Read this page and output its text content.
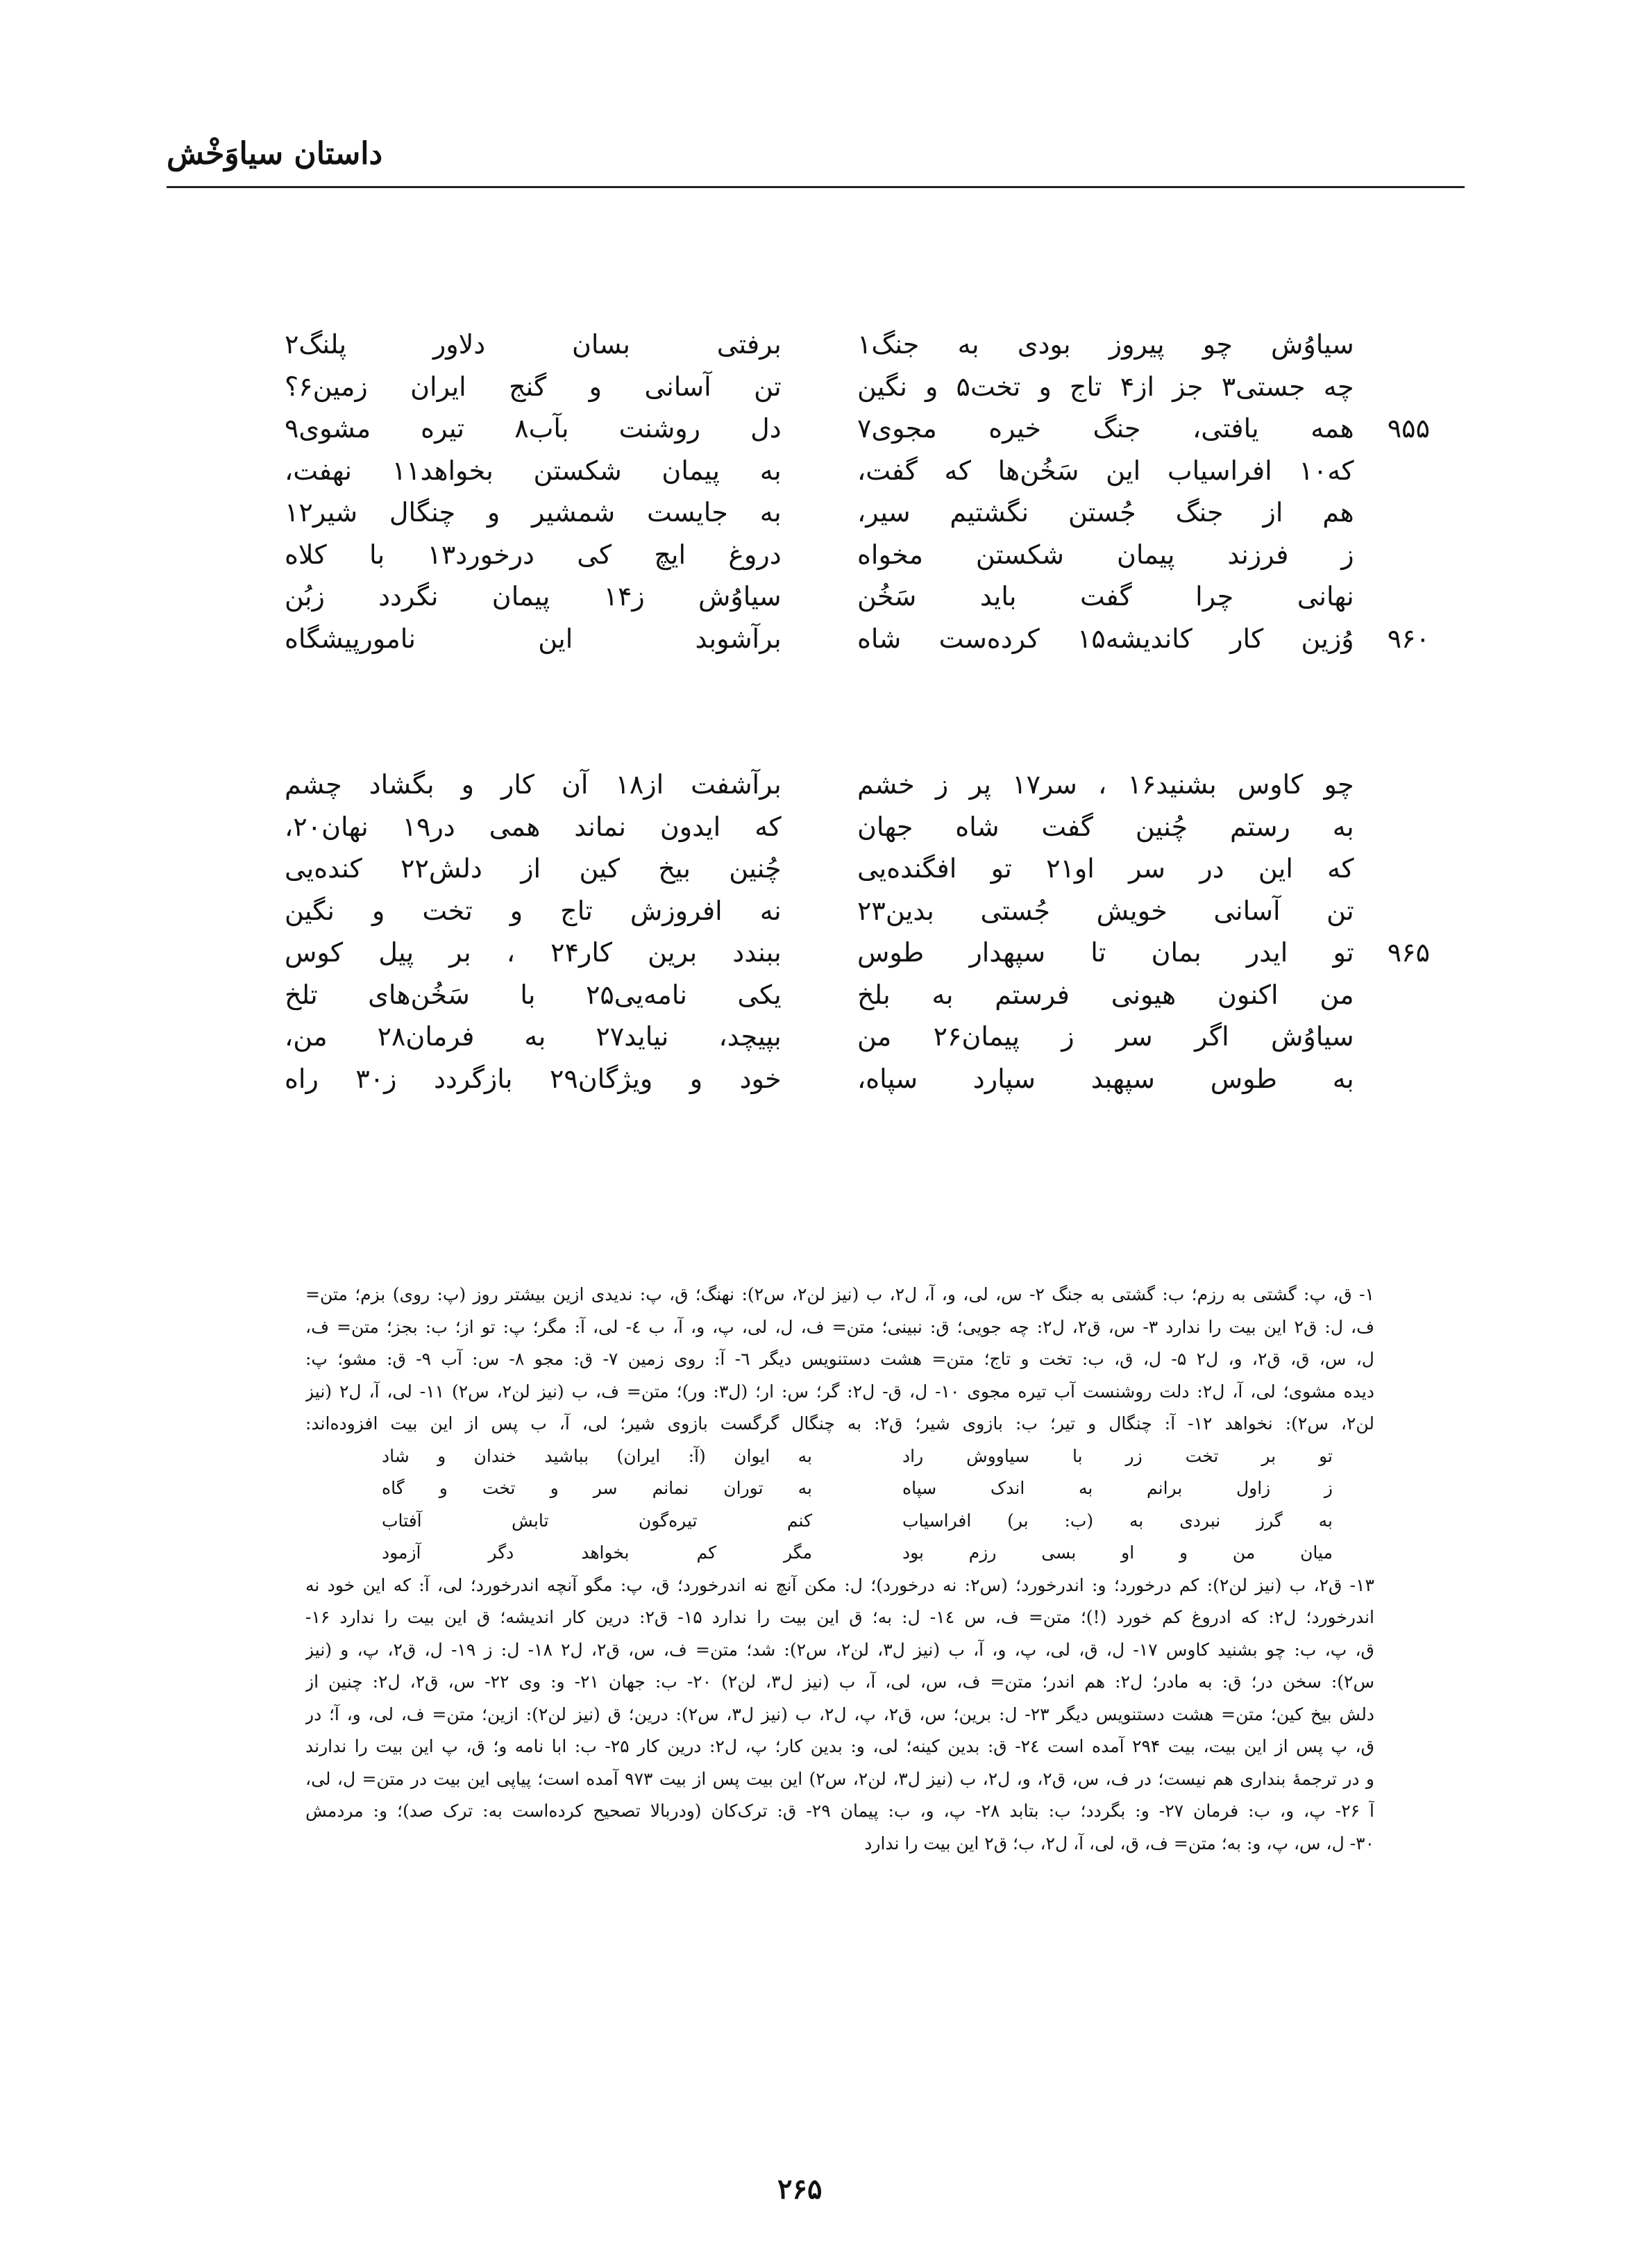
داستان سیاوَخْش
سیاوُش چو پیروز بودی به جنگ۱
برفتی بسان دلاور پلنگ۲
چه جستی۳ جز از۴ تاج و تخت۵ و نگین
تن آسانی و گنج ایران زمین۶؟
۹۵۵
همه یافتی، جنگ خیره مجوی۷
دل روشنت بآب۸ تیره مشوی۹
که۱۰ افراسیاب این سَخُن‌ها که گفت،
به پیمان شکستن بخواهد۱۱ نهفت،
هم از جنگ جُستن نگشتیم سیر،
به جایست شمشیر و چنگال شیر۱۲
ز فرزند پیمان شکستن مخواه
دروغ ایچ کی درخورد۱۳ با کلاه
نهانی چرا گفت باید سَخُن
سیاوُش ز۱۴ پیمان نگردد زبُن
۹۶۰
وُزین کار کاندیشه۱۵ کرده‌ست شاه
برآشوبد این نامورپیشگاه
چو کاوس بشنید۱۶ ، سر۱۷ پر ز خشم
برآشفت از۱۸ آن کار و بگشاد چشم
به رستم چُنین گفت شاه جهان
که ایدون نماند همی در۱۹ نهان۲۰،
که این در سر او۲۱ تو افگنده‌یی
چُنین بیخ کین از دلش۲۲ کنده‌یی
تن آسانی خویش جُستی بدین۲۳
نه افروزش تاج و تخت و نگین
۹۶۵
تو ایدر بمان تا سپهدار طوس
ببندد برین کار۲۴ ، بر پیل کوس
من اکنون هیونی فرستم به بلخ
یکی نامه‌یی۲۵ با سَخُن‌های تلخ
سیاوُش اگر سر ز پیمان۲۶ من
بپیچد، نیاید۲۷ به فرمان۲۸ من،
به طوس سپهبد سپارد سپاه،
خود و ویژگان۲۹ بازگردد ز۳۰ راه
۱- ق، پ: گشتی به رزم؛ ب: گشتی به جنگ ۲- س، لی، و، آ، ل۲، ب (نیز لن۲، س۲): نهنگ؛ ق، پ: ندیدی ازین بیشتر روز (پ: روی) بزم؛ متن=
ف، ل: ق۲ این بیت را ندارد ۳- س، ق۲، ل۲: چه جویی؛ ق: نبینی؛ متن= ف، ل، لی، پ، و، آ، ب ٤- لی، آ: مگر؛ پ: تو از؛ ب: بجز؛ متن= ف،
ل، س، ق، ق۲، و، ل۲ ۵- ل، ق، ب: تخت و تاج؛ متن= هشت دستنویس دیگر ٦- آ: روی زمین ۷- ق: مجو ۸- س: آب ۹- ق: مشو؛ پ:
دیده مشوی؛ لی، آ، ل۲: دلت روشنست آب تیره مجوی ۱۰- ل، ق- ل۲: گر؛ س: ار؛ (ل۳: ور)؛ متن= ف، ب (نیز لن۲، س۲) ۱۱- لی، آ، ل۲ (نیز
لن۲، س۲): نخواهد ۱۲- آ: چنگال و تیر؛ ب: بازوی شیر؛ ق۲: به چنگال گرگست بازوی شیر؛ لی، آ، ب پس از این بیت افزوده‌اند:
تو بر تخت زر با سیاووش راد
به ایوان (آ: ایران) بباشید خندان و شاد
ز زاول برانم به اندک سپاه
به توران نمانم سر و تخت و گاه
به گرز نبردی به (ب: بر) افراسیاب
کنم تیره‌گون تابش آفتاب
میان من و او بسی رزم بود
مگر کم بخواهد دگر آزمود
۱۳- ق۲، ب (نیز لن۲): کم درخورد؛ و: اندرخورد؛ (س۲: نه درخورد)؛ ل: مکن آنچ نه اندرخورد؛ ق، پ: مگو آنچه اندرخورد؛ لی، آ: که این خود نه
اندرخورد؛ ل۲: که ادروغ کم خورد (!)؛ متن= ف، س ۱٤- ل: به؛ ق این بیت را ندارد ۱۵- ق۲: درین کار اندیشه؛ ق این بیت را ندارد ۱۶-
ق، پ، ب: چو بشنید کاوس ۱۷- ل، ق، لی، پ، و، آ، ب (نیز ل۳، لن۲، س۲): شد؛ متن= ف، س، ق۲، ل۲ ۱۸- ل: ز ۱۹- ل، ق۲، پ، و (نیز
س۲): سخن در؛ ق: به مادر؛ ل۲: هم اندر؛ متن= ف، س، لی، آ، ب (نیز ل۳، لن۲) ۲۰- ب: جهان ۲۱- و: وی ۲۲- س، ق۲، ل۲: چنین از
دلش بیخ کین؛ متن= هشت دستنویس دیگر ۲۳- ل: برین؛ س، ق۲، پ، ل۲، ب (نیز ل۳، س۲): درین؛ ق (نیز لن۲): ازین؛ متن= ف، لی، و، آ؛ در
ق، پ پس از این بیت، بیت ۲۹۴ آمده است ۲٤- ق: بدین کینه؛ لی، و: بدین کار؛ پ، ل۲: درین کار ۲۵- ب: ابا نامه و؛ ق، پ این بیت را ندارند
و در ترجمهٔ بنداری هم نیست؛ در ف، س، ق۲، و، ل۲، ب (نیز ل۳، لن۲، س۲) این بیت پس از بیت ۹۷۳ آمده است؛ پیاپی این بیت در متن= ل، لی،
آ ۲۶- پ، و، ب: فرمان ۲۷- و: بگردد؛ ب: بتابد ۲۸- پ، و، ب: پیمان ۲۹- ق: ترک‌کان (ودربالا تصحیح کرده‌است به: ترک صد)؛ و: مردمش
۳۰- ل، س، پ، و: به؛ متن= ف، ق، لی، آ، ل۲، ب؛ ق۲ این بیت را ندارد
۲۶۵
